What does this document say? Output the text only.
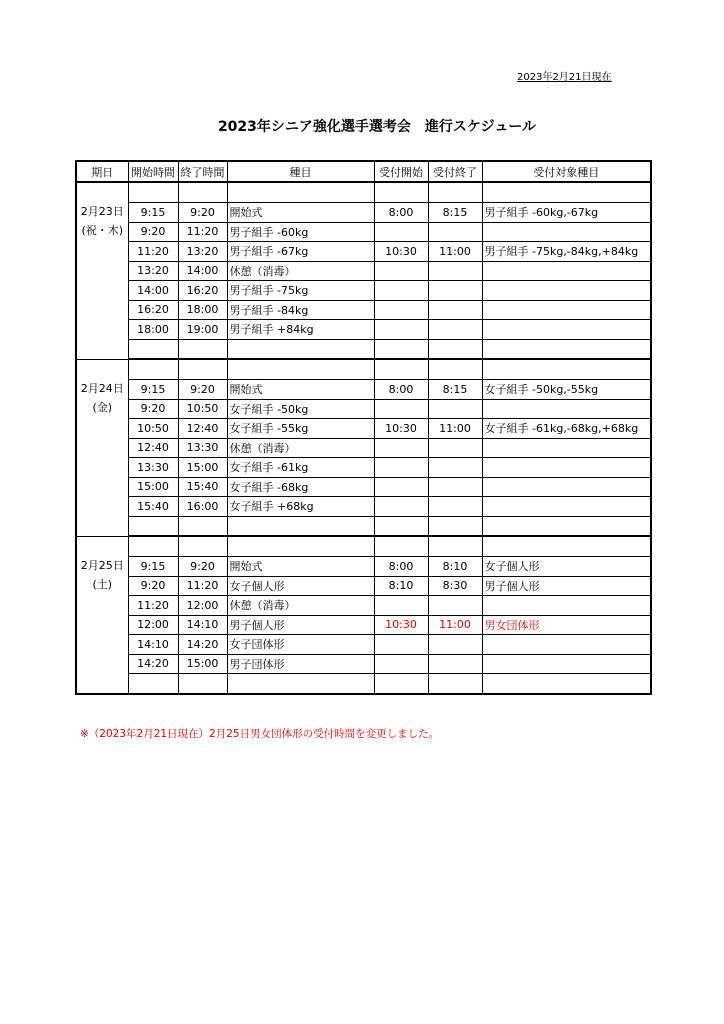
2023年2月21日現在
2023年シニア強化選手選考会　進行スケジュール
期日	開始時間	終了時間	種目	受付開始	受付終了	受付対象種目

2月23日
(祝・木)						
	9:15	9:20	開始式	8:00	8:15	男子組手 -60kg,-67kg
	9:20	11:20	男子組手 -60kg			
	11:20	13:20	男子組手 -67kg	10:30	11:00	男子組手 -75kg,-84kg,+84kg
	13:20	14:00	休憩（消毒）			
	14:00	16:20	男子組手 -75kg			
	16:20	18:00	男子組手 -84kg			
	18:00	19:00	男子組手 +84kg			

2月24日
(金)						
	9:15	9:20	開始式	8:00	8:15	女子組手 -50kg,-55kg
	9:20	10:50	女子組手 -50kg			
	10:50	12:40	女子組手 -55kg	10:30	11:00	女子組手 -61kg,-68kg,+68kg
	12:40	13:30	休憩（消毒）			
	13:30	15:00	女子組手 -61kg			
	15:00	15:40	女子組手 -68kg			
	15:40	16:00	女子組手 +68kg			

2月25日
(土)						
	9:15	9:20	開始式	8:00	8:10	女子個人形
	9:20	11:20	女子個人形	8:10	8:30	男子個人形
	11:20	12:00	休憩（消毒）			
	12:00	14:10	男子個人形	10:30	11:00	男女団体形
	14:10	14:20	女子団体形			
	14:20	15:00	男子団体形			

※（2023年2月21日現在）2月25日男女団体形の受付時間を変更しました。
